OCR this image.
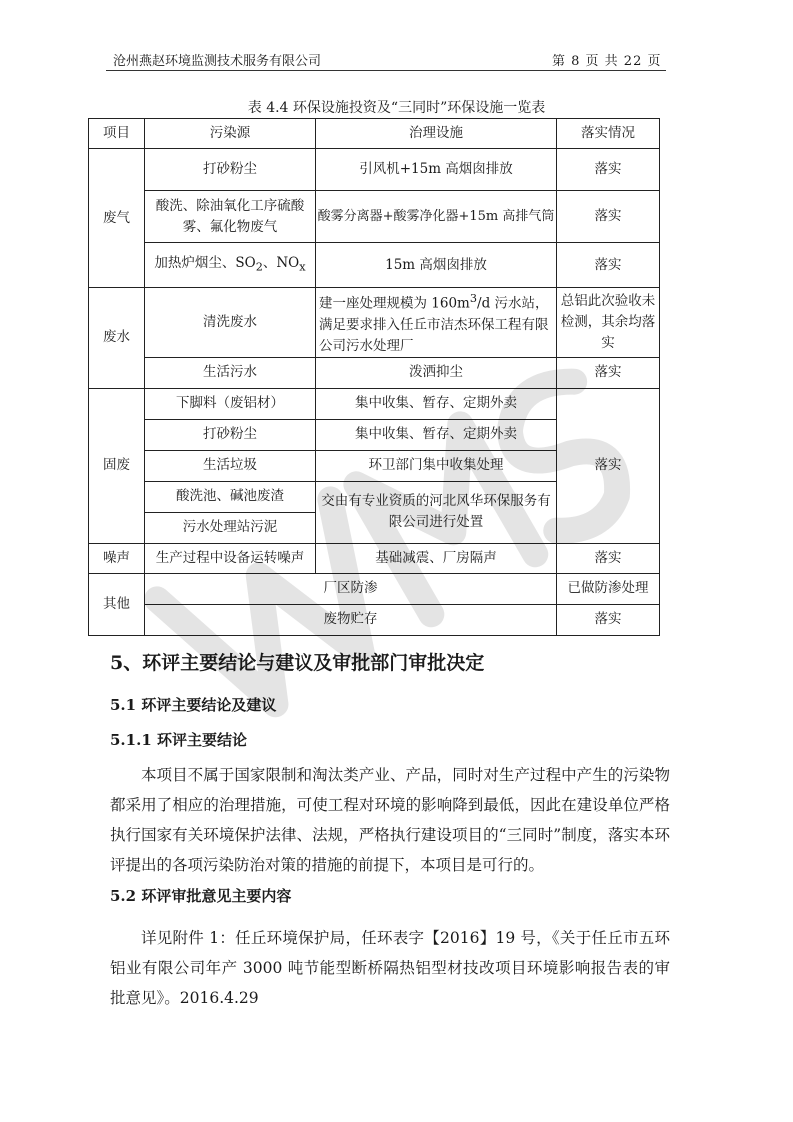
沧州燕赵环境监测技术服务有限公司	第 8 页 共 22 页
表 4.4 环保设施投资及“三同时”环保设施一览表
项目	污染源	治理设施	落实情况
废气	打砂粉尘	引风机+15m 高烟囱排放	落实
	酸洗、除油氧化工序硫酸雾、氟化物废气	酸雾分离器+酸雾净化器+15m 高排气筒	落实
	加热炉烟尘、$SO_2$、$NO_x$	15m 高烟囱排放	落实
废水	清洗废水	建一座处理规模为 $160m^3/d$ 污水站，满足要求排入任丘市洁杰环保工程有限公司污水处理厂	总铝此次验收未检测，其余均落实
	生活污水	泼洒抑尘	落实
固废	下脚料（废铝材）	集中收集、暂存、定期外卖	落实
	打砂粉尘	集中收集、暂存、定期外卖	
	生活垃圾	环卫部门集中收集处理	
	酸洗池、碱池废渣	交由有专业资质的河北风华环保服务有限公司进行处置	
	污水处理站污泥		
噪声	生产过程中设备运转噪声	基础减震、厂房隔声	落实
其他	厂区防渗		已做防渗处理
	废物贮存		落实
5、环评主要结论与建议及审批部门审批决定
5.1 环评主要结论及建议
5.1.1 环评主要结论
本项目不属于国家限制和淘汰类产业、产品，同时对生产过程中产生的污染物都采用了相应的治理措施，可使工程对环境的影响降到最低，因此在建设单位严格执行国家有关环境保护法律、法规，严格执行建设项目的“三同时”制度，落实本环评提出的各项污染防治对策的措施的前提下，本项目是可行的。
5.2 环评审批意见主要内容
详见附件 1：任丘环境保护局，任环表字【2016】19 号，《关于任丘市五环铝业有限公司年产 3000 吨节能型断桥隔热铝型材技改项目环境影响报告表的审批意见》。2016.4.29
